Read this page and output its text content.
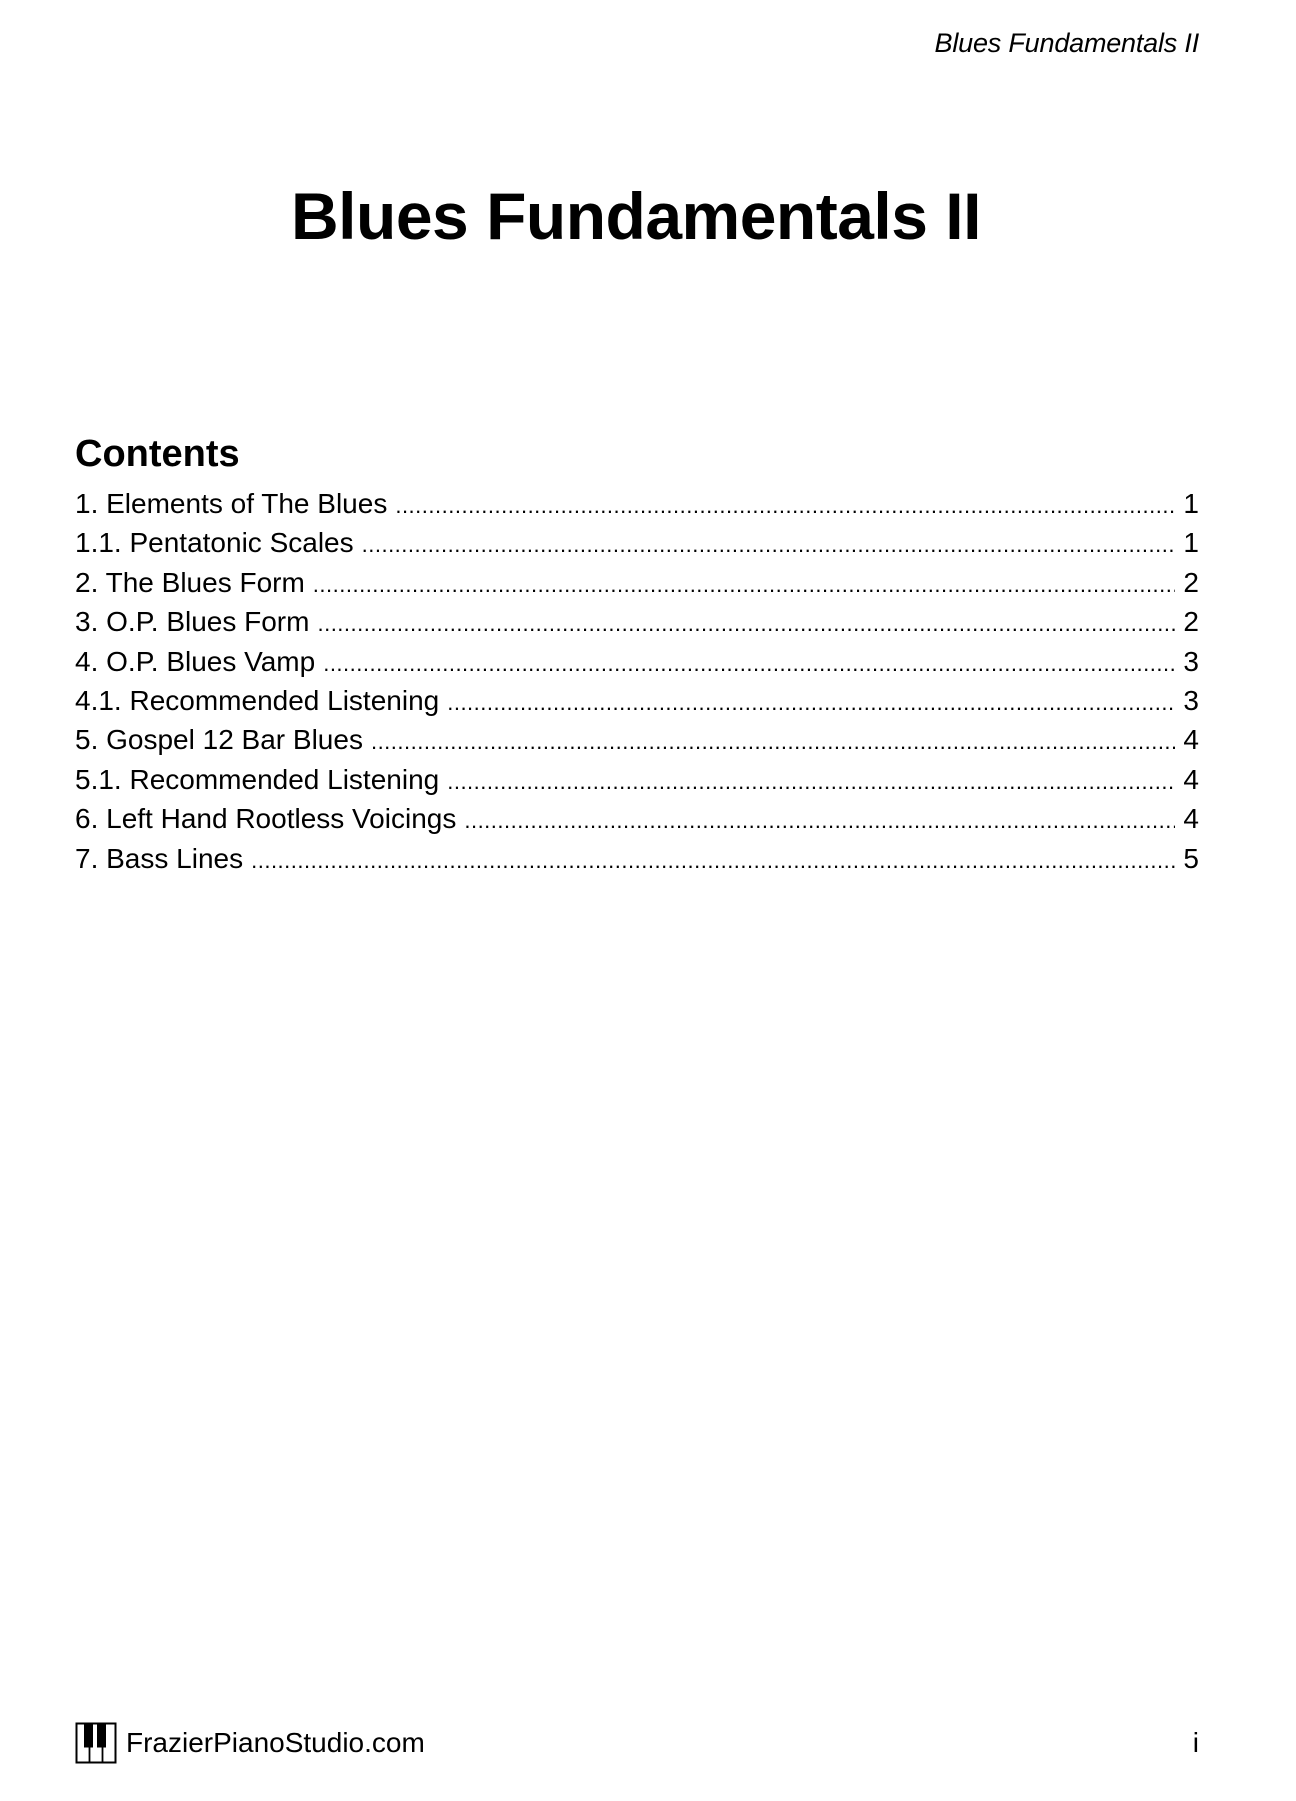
Blues Fundamentals II
Blues Fundamentals II
Contents
1. Elements of The Blues .....	1
1.1. Pentatonic Scales .....	1
2. The Blues Form .....	2
3. O.P. Blues Form .....	2
4. O.P. Blues Vamp .....	3
4.1. Recommended Listening .....	3
5. Gospel 12 Bar Blues .....	4
5.1. Recommended Listening .....	4
6. Left Hand Rootless Voicings .....	4
7. Bass Lines .....	5
FrazierPianoStudio.com	i
